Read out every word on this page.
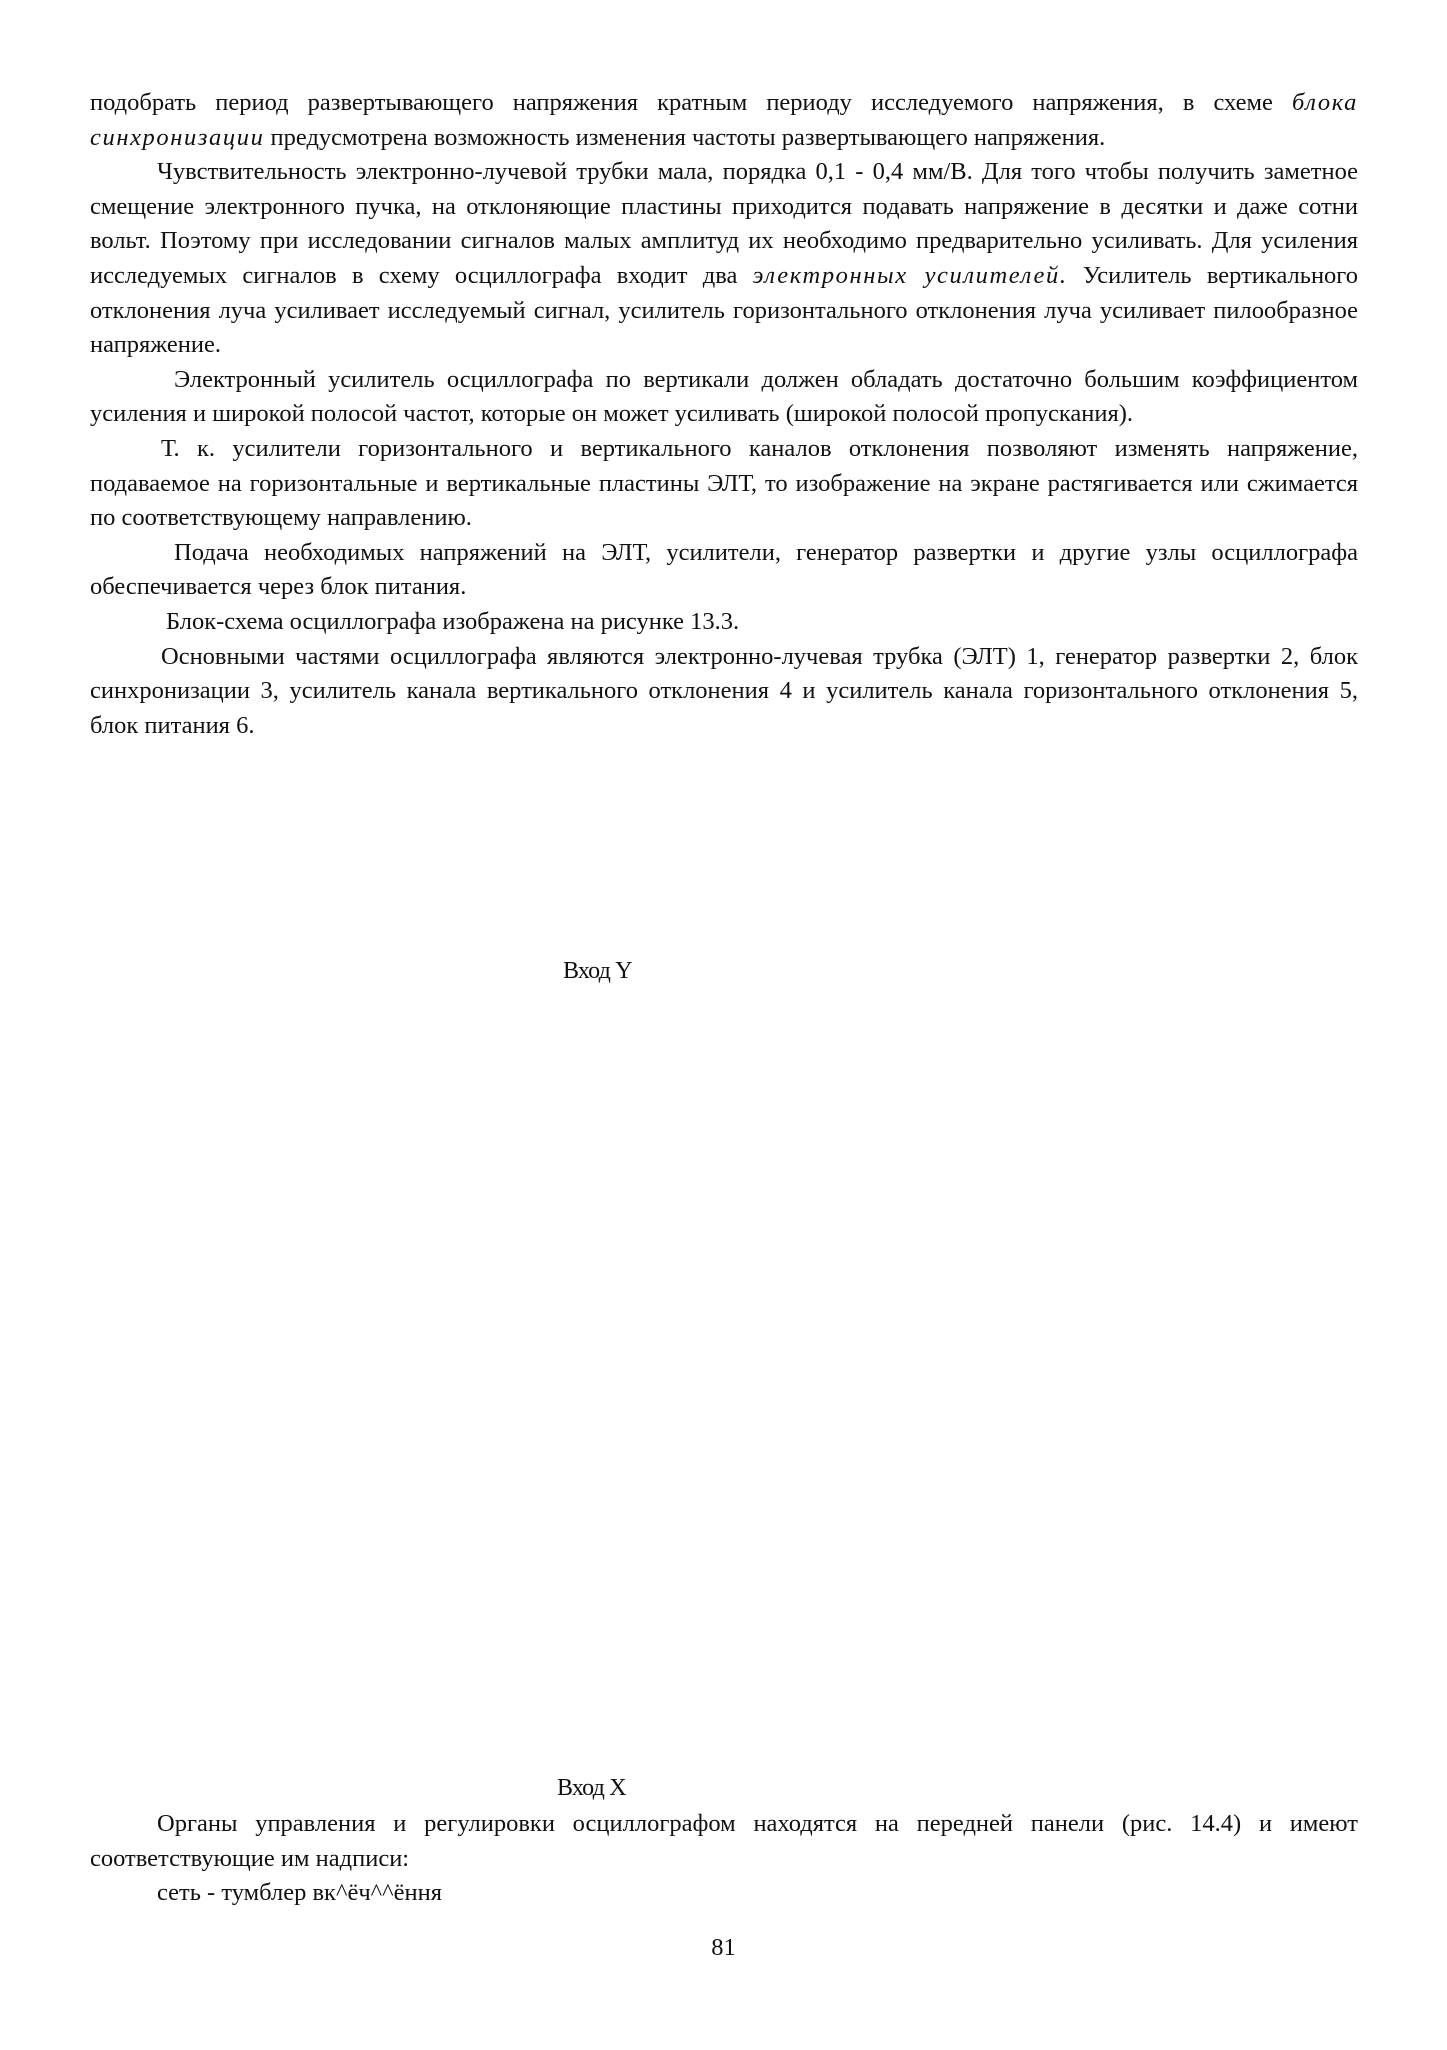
подобрать период развертывающего напряжения кратным периоду исследуемого напряжения, в схеме блока синхронизации предусмотрена возможность изменения частоты развертывающего напряжения.

Чувствительность электронно-лучевой трубки мала, порядка 0,1 - 0,4 мм/В. Для того чтобы получить заметное смещение электронного пучка, на отклоняющие пластины приходится подавать напряжение в десятки и даже сотни вольт. Поэтому при исследовании сигналов малых амплитуд их необходимо предварительно усиливать. Для усиления исследуемых сигналов в схему осциллографа входит два электронных усилителей. Усилитель вертикального отклонения луча усиливает исследуемый сигнал, усилитель горизонтального отклонения луча усиливает пилообразное напряжение.

Электронный усилитель осциллографа по вертикали должен обладать достаточно большим коэффициентом усиления и широкой полосой частот, которые он может усиливать (широкой полосой пропускания).

Т. к. усилители горизонтального и вертикального каналов отклонения позволяют изменять напряжение, подаваемое на горизонтальные и вертикальные пластины ЭЛТ, то изображение на экране растягивается или сжимается по соответствующему направлению.

Подача необходимых напряжений на ЭЛТ, усилители, генератор развертки и другие узлы осциллографа обеспечивается через блок питания.

Блок-схема осциллографа изображена на рисунке 13.3.

Основными частями осциллографа являются электронно-лучевая трубка (ЭЛТ) 1, генератор развертки 2, блок синхронизации 3, усилитель канала вертикального отклонения 4 и усилитель канала горизонтального отклонения 5, блок питания 6.

Вход Y
Вход X

Органы управления и регулировки осциллографом находятся на передней панели (рис. 14.4) и имеют соответствующие им надписи:

сеть - тумблер вк^ёч^^ёння

81
